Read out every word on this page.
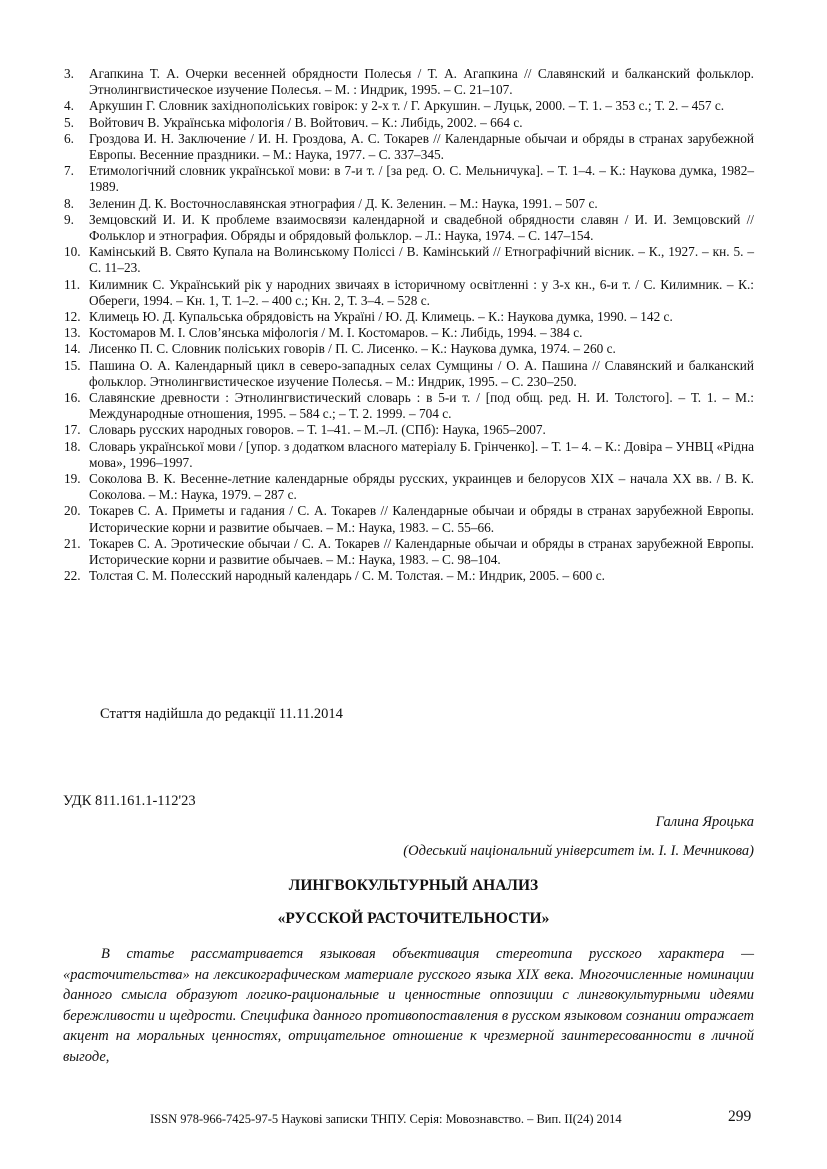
3.	Агапкина Т. А. Очерки весенней обрядности Полесья / Т. А. Агапкина // Славянский и балканский фольклор. Этнолингвистическое изучение Полесья. – М. : Индрик, 1995. – С. 21–107.
4.	Аркушин Г. Словник західнополіських говірок: у 2-х т. / Г. Аркушин. – Луцьк, 2000. – Т. 1. – 353 с.; Т. 2. – 457 с.
5.	Войтович В. Українська міфологія / В. Войтович. – К.: Либідь, 2002. – 664 с.
6.	Гроздова И. Н. Заключение / И. Н. Гроздова, А. С. Токарев // Календарные обычаи и обряды в странах зарубежной Европы. Весенние праздники. – М.: Наука, 1977. – С. 337–345.
7.	Етимологічний словник української мови: в 7-и т. / [за ред. О. С. Мельничука]. – Т. 1–4. – К.: Наукова думка, 1982–1989.
8.	Зеленин Д. К. Восточнославянская этнография / Д. К. Зеленин. – М.: Наука, 1991. – 507 с.
9.	Земцовский И. И. К проблеме взаимосвязи календарной и свадебной обрядности славян / И. И. Земцовский // Фольклор и этнография. Обряды и обрядовый фольклор. – Л.: Наука, 1974. – С. 147–154.
10. Камінський В. Свято Купала на Волинському Поліссі / В. Камінський // Етнографічний вісник. – К., 1927. – кн. 5. – С. 11–23.
11. Килимник С. Український рік у народних звичаях в історичному освітленні : у 3-х кн., 6-и т. / С. Килимник. – К.: Обереги, 1994. – Кн. 1, Т. 1–2. – 400 с.; Кн. 2, Т. 3–4. – 528 с.
12. Климець Ю. Д. Купальська обрядовість на Україні / Ю. Д. Климець. – К.: Наукова думка, 1990. – 142 с.
13. Костомаров М. І. Слов’янська міфологія / М. І. Костомаров. – К.: Либідь, 1994. – 384 с.
14. Лисенко П. С. Словник поліських говорів / П. С. Лисенко. – К.: Наукова думка, 1974. – 260 с.
15. Пашина О. А. Календарный цикл в северо-западных селах Сумщины / О. А. Пашина // Славянский и балканский фольклор. Этнолингвистическое изучение Полесья. – М.: Индрик, 1995. – С. 230–250.
16. Славянские древности : Этнолингвистический словарь : в 5-и т. / [под общ. ред. Н. И. Толстого]. – Т. 1. – М.: Международные отношения, 1995. – 584 с.; – Т. 2. 1999. – 704 с.
17. Словарь русских народных говоров. – Т. 1–41. – М.–Л. (СПб): Наука, 1965–2007.
18. Словарь української мови / [упор. з додатком власного матеріалу Б. Грінченко]. – Т. 1– 4. – К.: Довіра – УНВЦ «Рідна мова», 1996–1997.
19. Соколова В. К. Весенне-летние календарные обряды русских, украинцев и белорусов XIX – начала XX вв. / В. К. Соколова. – М.: Наука, 1979. – 287 с.
20. Токарев С. А. Приметы и гадания / С. А. Токарев // Календарные обычаи и обряды в странах зарубежной Европы. Исторические корни и развитие обычаев. – М.: Наука, 1983. – С. 55–66.
21. Токарев С. А. Эротические обычаи / С. А. Токарев // Календарные обычаи и обряды в странах зарубежной Европы. Исторические корни и развитие обычаев. – М.: Наука, 1983. – С. 98–104.
22. Толстая С. М. Полесский народный календарь / С. М. Толстая. – М.: Индрик, 2005. – 600 с.
Стаття надійшла до редакції 11.11.2014
УДК 811.161.1-112'23
Галина Яроцька
(Одеський національний університет ім. І. І. Мечникова)
ЛИНГВОКУЛЬТУРНЫЙ АНАЛИЗ
«РУССКОЙ РАСТОЧИТЕЛЬНОСТИ»

В статье рассматривается языковая объективация стереотипа русского характера — «расточительства» на лексикографическом материале русского языка XIX века. Многочисленные номинации данного смысла образуют логико-рациональные и ценностные оппозиции с лингвокультурными идеями бережливости и щедрости. Специфика данного противопоставления в русском языковом сознании отражает акцент на моральных ценностях, отрицательное отношение к чрезмерной заинтересованности в личной выгоде,

ISSN 978-966-7425-97-5 Наукові записки ТНПУ. Серія: Мовознавство. – Вип. ІІ(24) 2014	299
